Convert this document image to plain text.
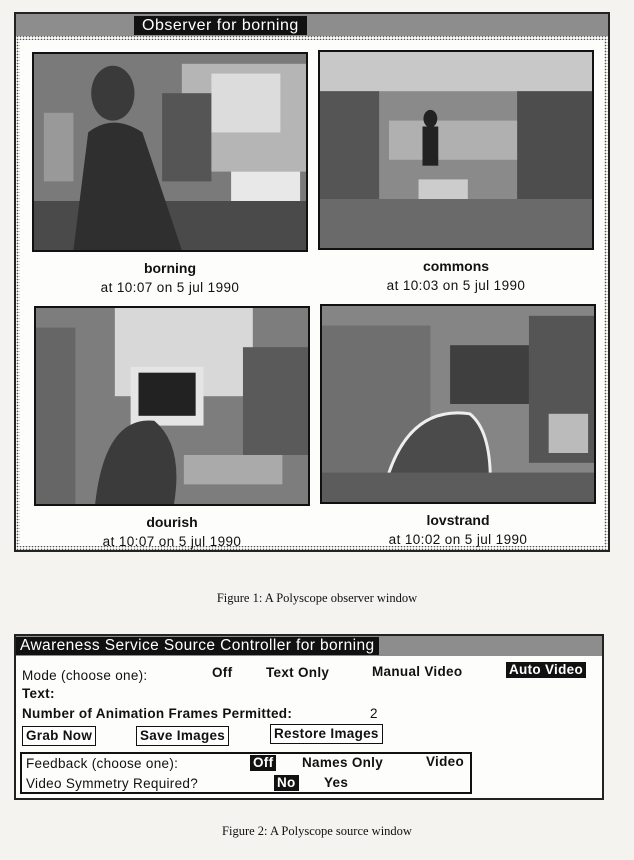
Observer for borning
borning
at 10:07 on 5 jul 1990
commons
at 10:03 on 5 jul 1990
dourish
at 10:07 on 5 jul 1990
lovstrand
at 10:02 on 5 jul 1990
Figure 1: A Polyscope observer window
Awareness Service Source Controller for borning
Mode (choose one):	Off Text Only	Manual Video	Auto Video
Text:
Number of Animation Frames Permitted:	2
Grab Now	Save Images	Restore Images
Feedback (choose one):	Off Names Only	Video
Video Symmetry Required?	No Yes
Figure 2: A Polyscope source window
